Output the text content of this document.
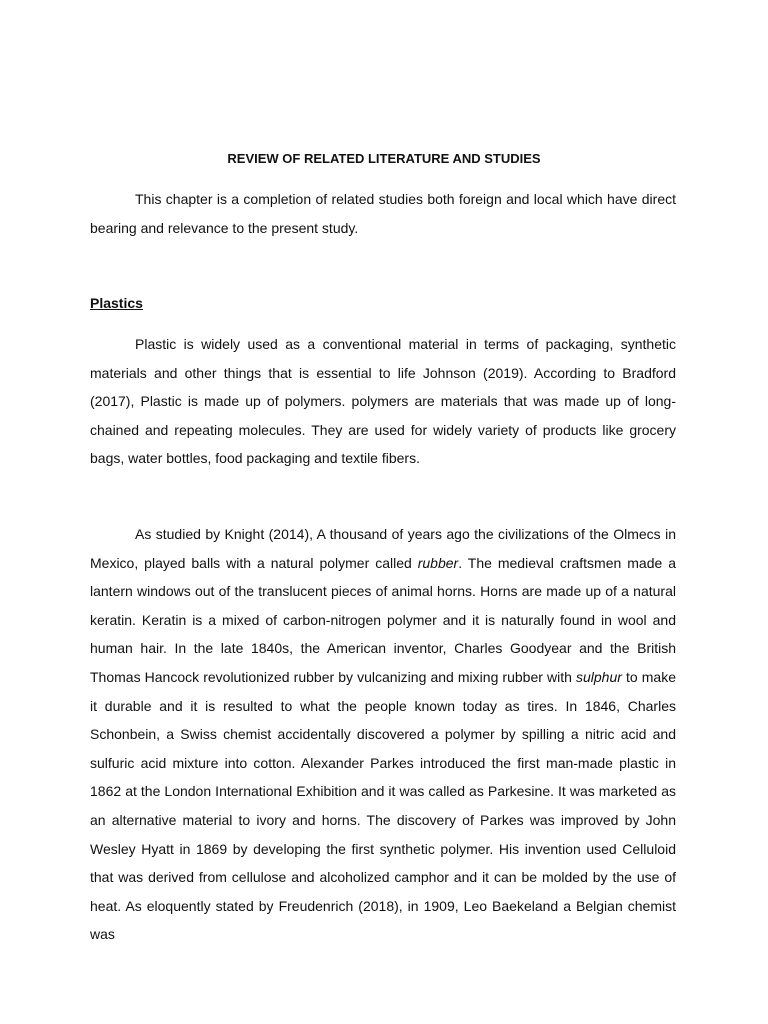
REVIEW OF RELATED LITERATURE AND STUDIES

This chapter is a completion of related studies both foreign and local which have direct bearing and relevance to the present study.

Plastics

Plastic is widely used as a conventional material in terms of packaging, synthetic materials and other things that is essential to life Johnson (2019). According to Bradford (2017), Plastic is made up of polymers. polymers are materials that was made up of long-chained and repeating molecules. They are used for widely variety of products like grocery bags, water bottles, food packaging and textile fibers.

As studied by Knight (2014), A thousand of years ago the civilizations of the Olmecs in Mexico, played balls with a natural polymer called rubber. The medieval craftsmen made a lantern windows out of the translucent pieces of animal horns. Horns are made up of a natural keratin. Keratin is a mixed of carbon-nitrogen polymer and it is naturally found in wool and human hair. In the late 1840s, the American inventor, Charles Goodyear and the British Thomas Hancock revolutionized rubber by vulcanizing and mixing rubber with sulphur to make it durable and it is resulted to what the people known today as tires. In 1846, Charles Schonbein, a Swiss chemist accidentally discovered a polymer by spilling a nitric acid and sulfuric acid mixture into cotton. Alexander Parkes introduced the first man-made plastic in 1862 at the London International Exhibition and it was called as Parkesine. It was marketed as an alternative material to ivory and horns. The discovery of Parkes was improved by John Wesley Hyatt in 1869 by developing the first synthetic polymer. His invention used Celluloid that was derived from cellulose and alcoholized camphor and it can be molded by the use of heat. As eloquently stated by Freudenrich (2018), in 1909, Leo Baekeland a Belgian chemist was
